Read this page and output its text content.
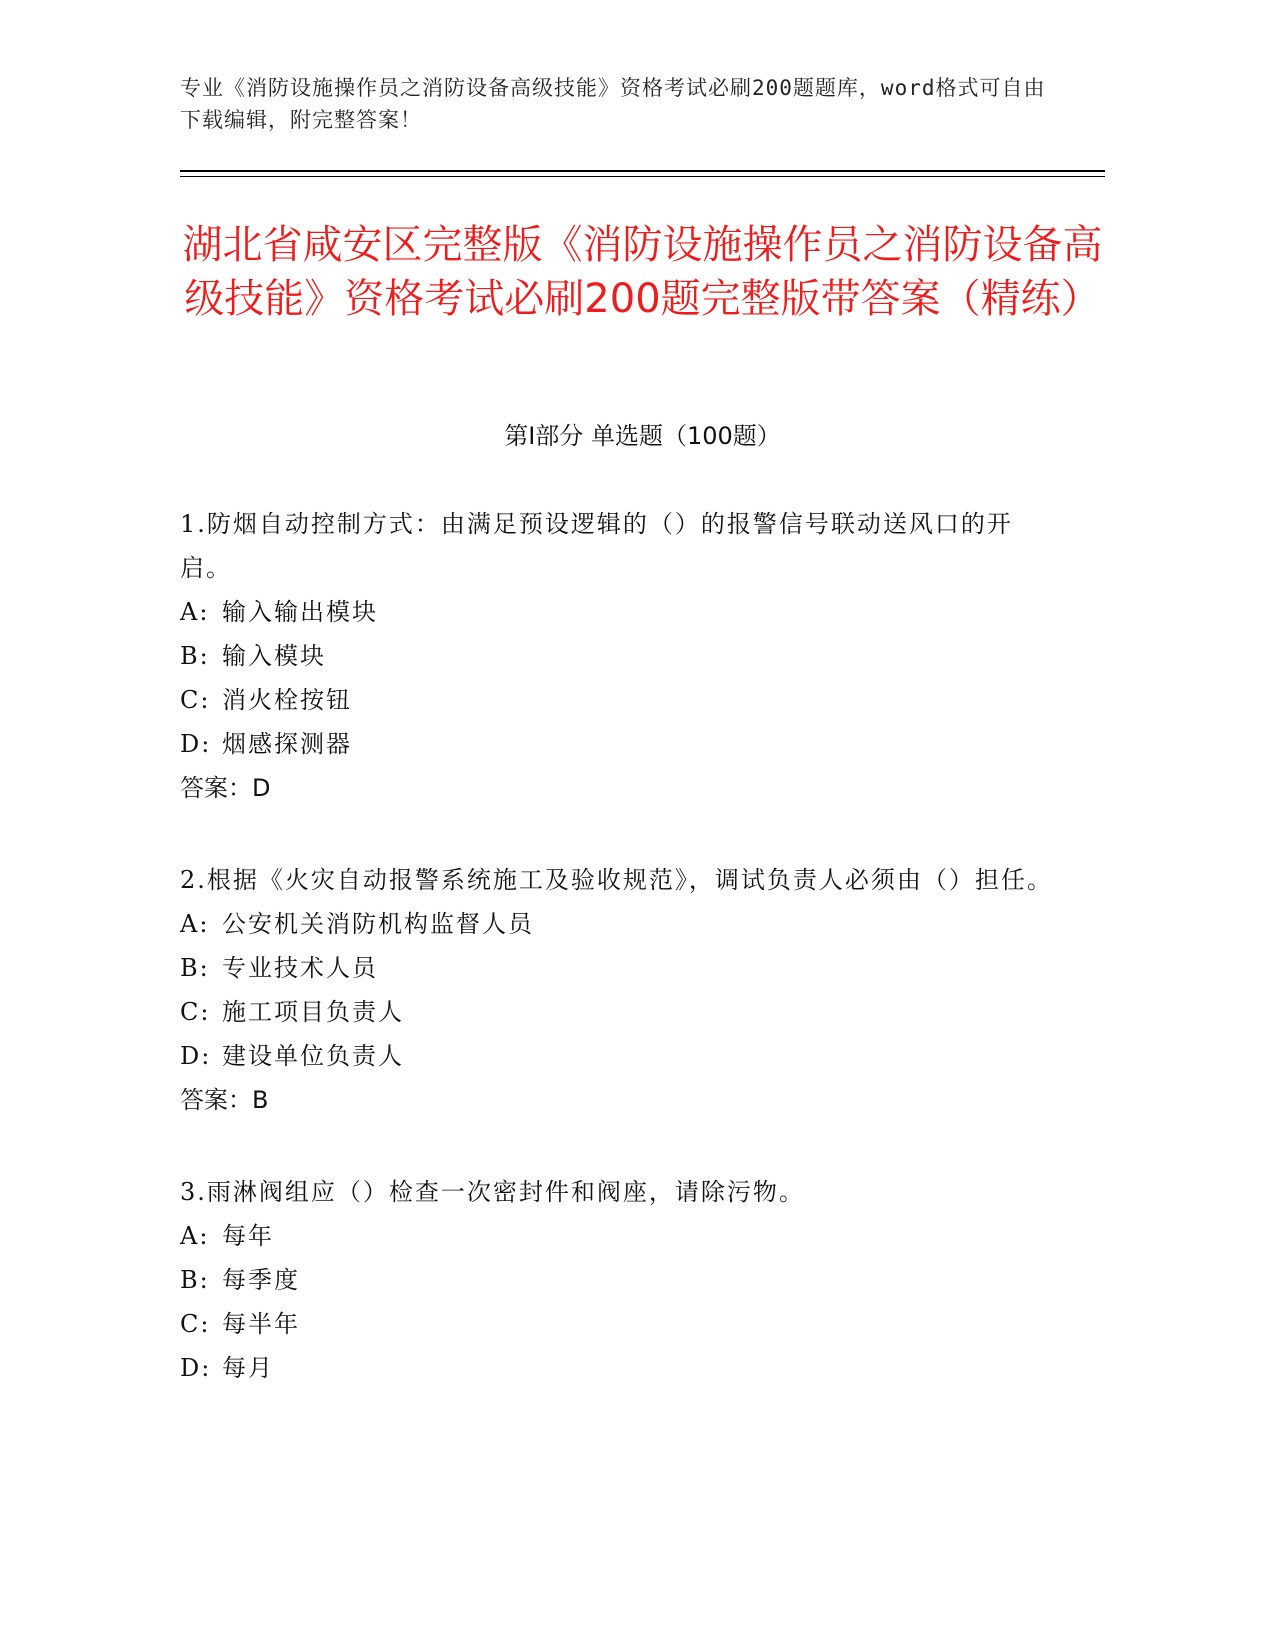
专业《消防设施操作员之消防设备高级技能》资格考试必刷200题题库，word格式可自由下载编辑，附完整答案！
湖北省咸安区完整版《消防设施操作员之消防设备高级技能》资格考试必刷200题完整版带答案（精练）
第Ⅰ部分 单选题（100题）
1.防烟自动控制方式：由满足预设逻辑的（）的报警信号联动送风口的开启。
A: 输入输出模块
B: 输入模块
C: 消火栓按钮
D: 烟感探测器
答案：D
2.根据《火灾自动报警系统施工及验收规范》，调试负责人必须由（）担任。
A: 公安机关消防机构监督人员
B: 专业技术人员
C: 施工项目负责人
D: 建设单位负责人
答案：B
3.雨淋阀组应（）检查一次密封件和阀座，请除污物。
A: 每年
B: 每季度
C: 每半年
D: 每月
